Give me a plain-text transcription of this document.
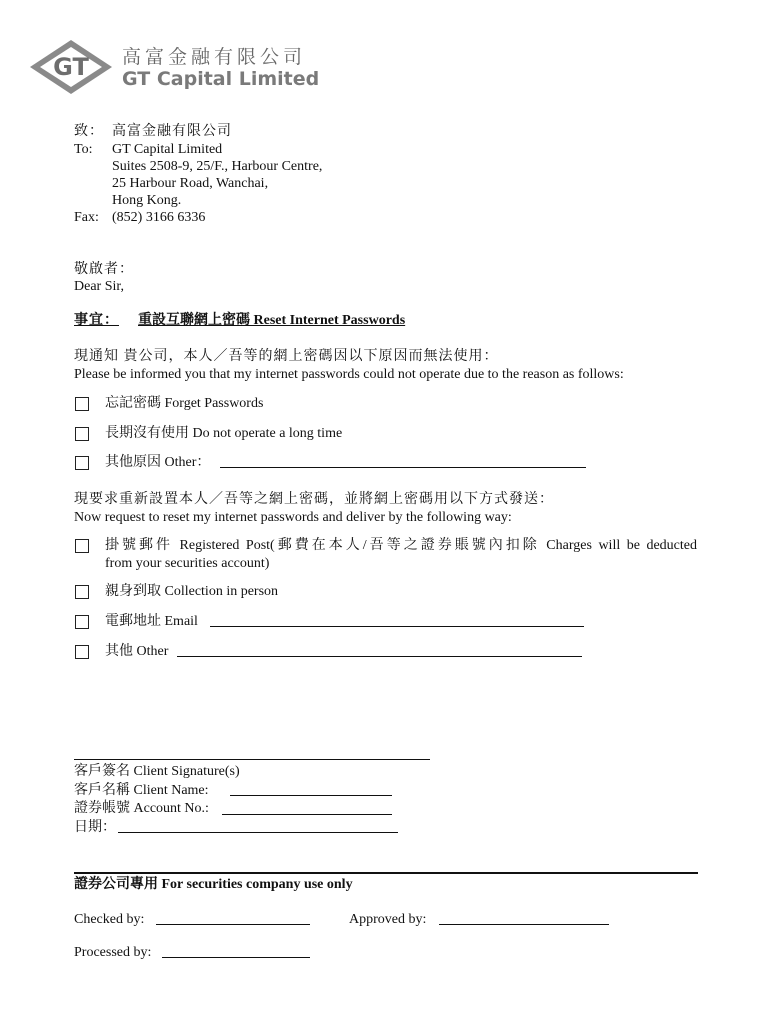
GT 高富金融有限公司
GT Capital Limited
致： 高富金融有限公司
To: GT Capital Limited
Suites 2508-9, 25/F., Harbour Centre,
25 Harbour Road, Wanchai,
Hong Kong.
Fax: (852) 3166 6336
敬啟者：
Dear Sir,
事宜： 重設互聯網上密碼 Reset Internet Passwords
現通知 貴公司，本人／吾等的網上密碼因以下原因而無法使用：
Please be informed you that my internet passwords could not operate due to the reason as follows:
忘記密碼 Forget Passwords
長期沒有使用 Do not operate a long time
其他原因 Other：
現要求重新設置本人／吾等之網上密碼，並將網上密碼用以下方式發送：
Now request to reset my internet passwords and deliver by the following way:
掛號郵件 Registered Post(郵費在本人/吾等之證券賬號內扣除 Charges will be deducted
from your securities account)
親身到取 Collection in person
電郵地址 Email
其他 Other
客戶簽名 Client Signature(s)
客戶名稱 Client Name:
證券帳號 Account No.:
日期：
證券公司專用 For securities company use only
Checked by:	Approved by:
Processed by:
